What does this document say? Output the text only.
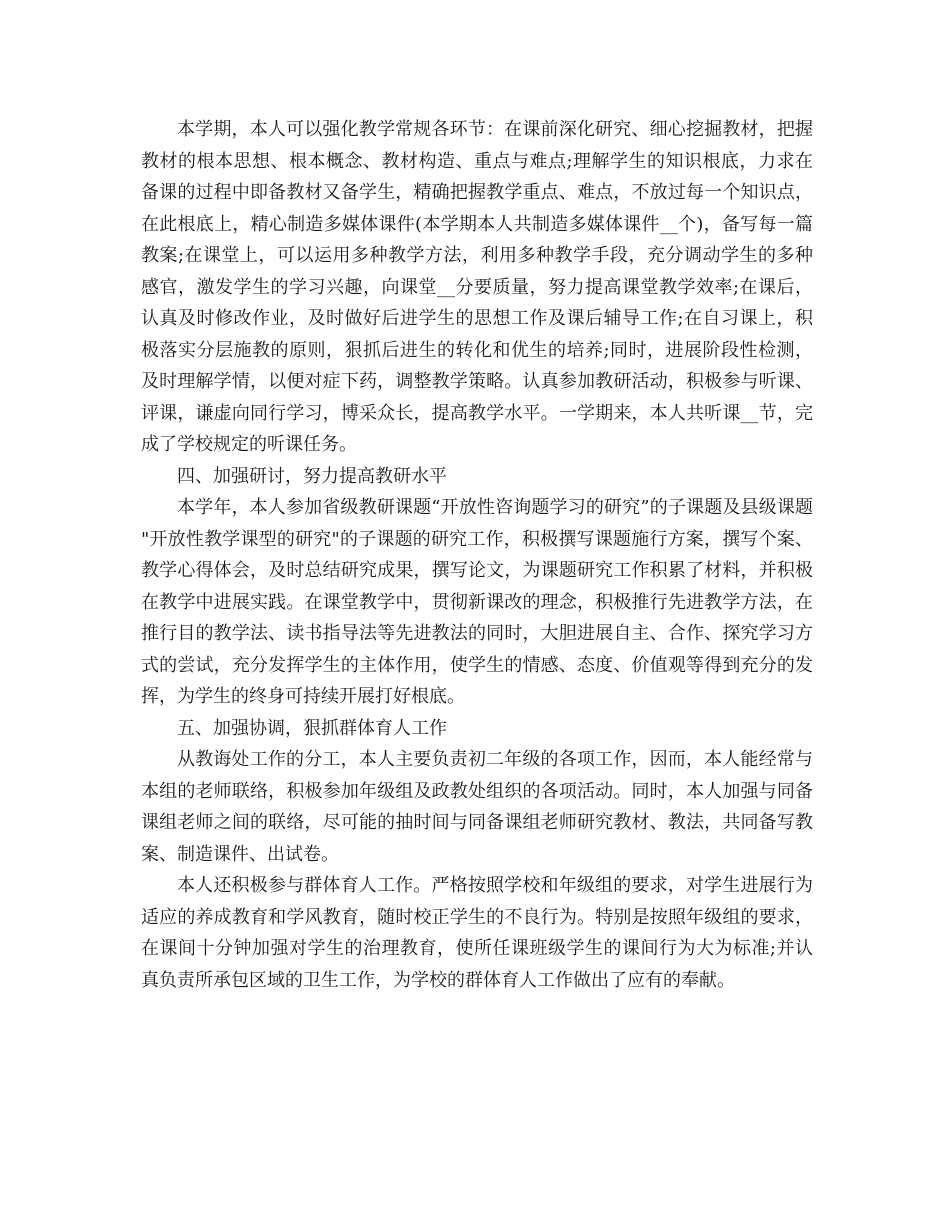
本学期，本人可以强化教学常规各环节：在课前深化研究、细心挖掘教材，把握教材的根本思想、根本概念、教材构造、重点与难点;理解学生的知识根底，力求在备课的过程中即备教材又备学生，精确把握教学重点、难点，不放过每一个知识点，在此根底上，精心制造多媒体课件(本学期本人共制造多媒体课件__个)，备写每一篇教案;在课堂上，可以运用多种教学方法，利用多种教学手段，充分调动学生的多种感官，激发学生的学习兴趣，向课堂__分要质量，努力提高课堂教学效率;在课后，认真及时修改作业，及时做好后进学生的思想工作及课后辅导工作;在自习课上，积极落实分层施教的原则，狠抓后进生的转化和优生的培养;同时，进展阶段性检测，及时理解学情，以便对症下药，调整教学策略。认真参加教研活动，积极参与听课、评课，谦虚向同行学习，博采众长，提高教学水平。一学期来，本人共听课__节，完成了学校规定的听课任务。

四、加强研讨，努力提高教研水平

本学年，本人参加省级教研课题“开放性咨询题学习的研究”的子课题及县级课题"开放性教学课型的研究"的子课题的研究工作，积极撰写课题施行方案，撰写个案、教学心得体会，及时总结研究成果，撰写论文，为课题研究工作积累了材料，并积极在教学中进展实践。在课堂教学中，贯彻新课改的理念，积极推行先进教学方法，在推行目的教学法、读书指导法等先进教法的同时，大胆进展自主、合作、探究学习方式的尝试，充分发挥学生的主体作用，使学生的情感、态度、价值观等得到充分的发挥，为学生的终身可持续开展打好根底。

五、加强协调，狠抓群体育人工作

从教诲处工作的分工，本人主要负责初二年级的各项工作，因而，本人能经常与本组的老师联络，积极参加年级组及政教处组织的各项活动。同时，本人加强与同备课组老师之间的联络，尽可能的抽时间与同备课组老师研究教材、教法，共同备写教案、制造课件、出试卷。

本人还积极参与群体育人工作。严格按照学校和年级组的要求，对学生进展行为适应的养成教育和学风教育，随时校正学生的不良行为。特别是按照年级组的要求，在课间十分钟加强对学生的治理教育，使所任课班级学生的课间行为大为标准;并认真负责所承包区域的卫生工作，为学校的群体育人工作做出了应有的奉献。
